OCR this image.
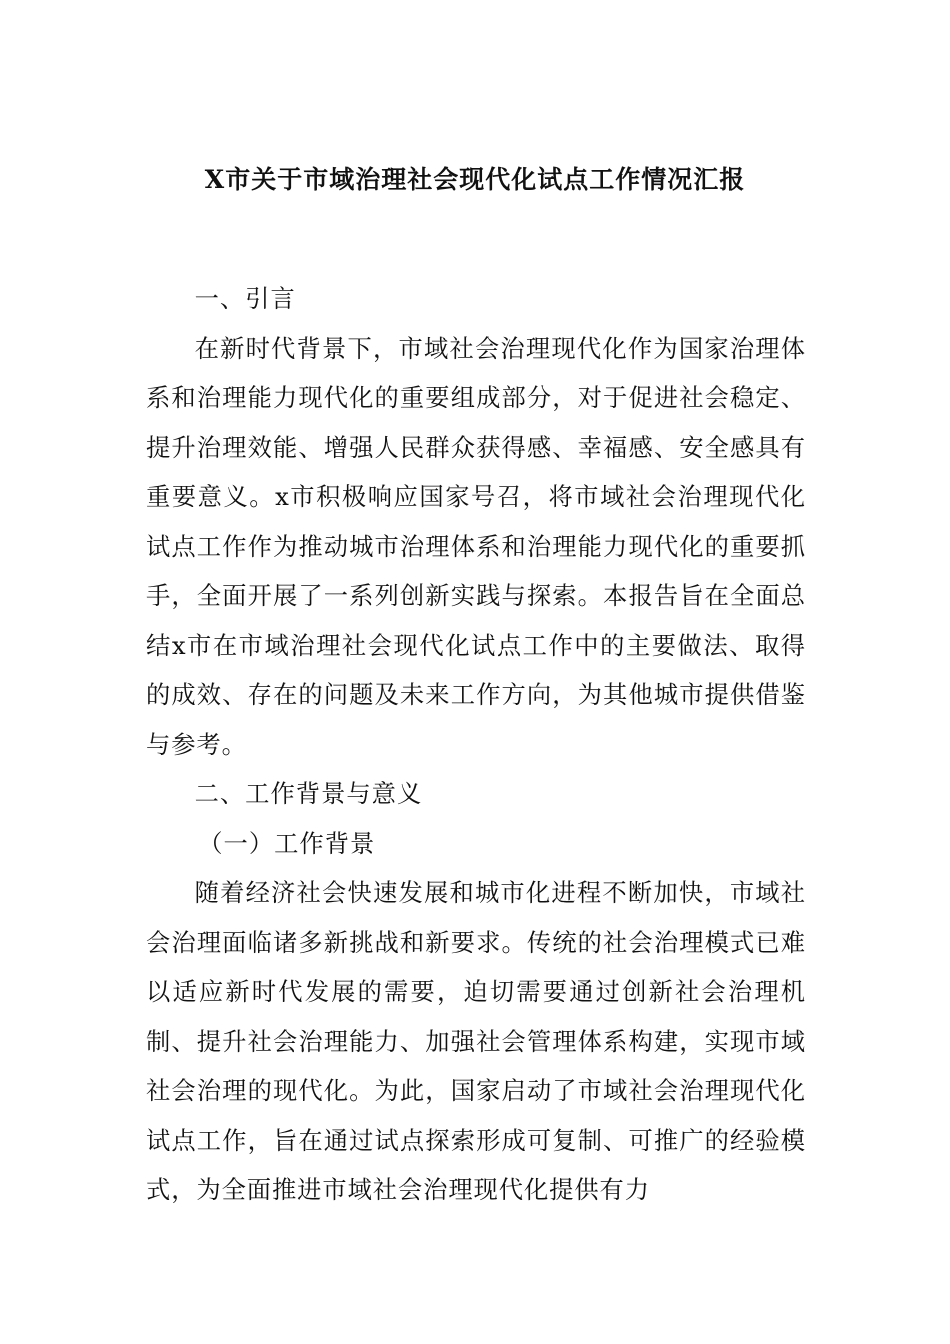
X市关于市域治理社会现代化试点工作情况汇报

一、引言

在新时代背景下，市域社会治理现代化作为国家治理体系和治理能力现代化的重要组成部分，对于促进社会稳定、提升治理效能、增强人民群众获得感、幸福感、安全感具有重要意义。x市积极响应国家号召，将市域社会治理现代化试点工作作为推动城市治理体系和治理能力现代化的重要抓手，全面开展了一系列创新实践与探索。本报告旨在全面总结x市在市域治理社会现代化试点工作中的主要做法、取得的成效、存在的问题及未来工作方向，为其他城市提供借鉴与参考。

二、工作背景与意义

（一）工作背景

随着经济社会快速发展和城市化进程不断加快，市域社会治理面临诸多新挑战和新要求。传统的社会治理模式已难以适应新时代发展的需要，迫切需要通过创新社会治理机制、提升社会治理能力、加强社会管理体系构建，实现市域社会治理的现代化。为此，国家启动了市域社会治理现代化试点工作，旨在通过试点探索形成可复制、可推广的经验模式，为全面推进市域社会治理现代化提供有力
